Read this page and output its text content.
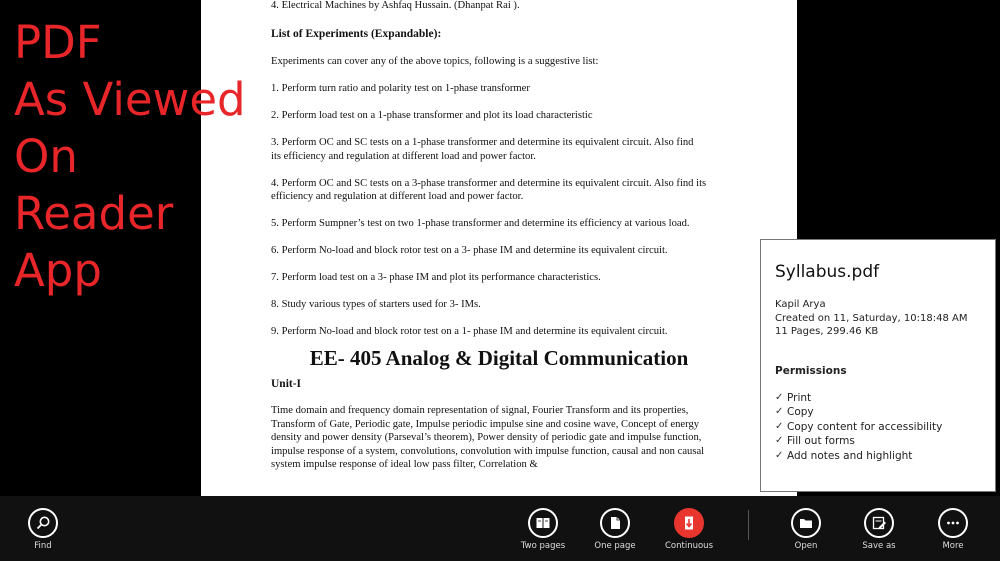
PDF
As Viewed
On
Reader
App
4. Electrical Machines by Ashfaq Hussain. (Dhanpat Rai ).
List of Experiments (Expandable):
Experiments can cover any of the above topics, following is a suggestive list:
1. Perform turn ratio and polarity test on 1-phase transformer
2. Perform load test on a 1-phase transformer and plot its load characteristic
3. Perform OC and SC tests on a 1-phase transformer and determine its equivalent circuit. Also find          its efficiency and regulation at different load and power factor.
4. Perform OC and SC tests on a 3-phase transformer and determine its equivalent circuit. Also find its efficiency and regulation at different load and power factor.
5. Perform Sumpner’s test on two 1-phase transformer and determine its efficiency at various load.
6. Perform No-load and block rotor test on a 3- phase IM and determine its equivalent circuit.
7. Perform load test on a 3- phase IM and plot its performance characteristics.
8. Study various types of starters used for 3- IMs.
9. Perform No-load and block rotor test on a 1- phase IM and determine its equivalent circuit.
EE- 405 Analog & Digital Communication
Unit-I
Time domain and frequency domain representation of signal, Fourier Transform and its properties, Transform of Gate, Periodic gate, Impulse periodic impulse sine and cosine wave, Concept of energy density and power density (Parseval’s theorem), Power density of periodic gate and impulse function, impulse response of a system, convolutions, convolution with impulse function, causal and non causal system impulse response of ideal low pass filter, Correlation &
Syllabus.pdf
Kapil Arya
Created on 11, Saturday, 10:18:48 AM
11 Pages, 299.46 KB
Permissions
✓ Print
✓ Copy
✓ Copy content for accessibility
✓ Fill out forms
✓ Add notes and highlight
Find	Two pages	One page	Continuous	Open	Save as	More
